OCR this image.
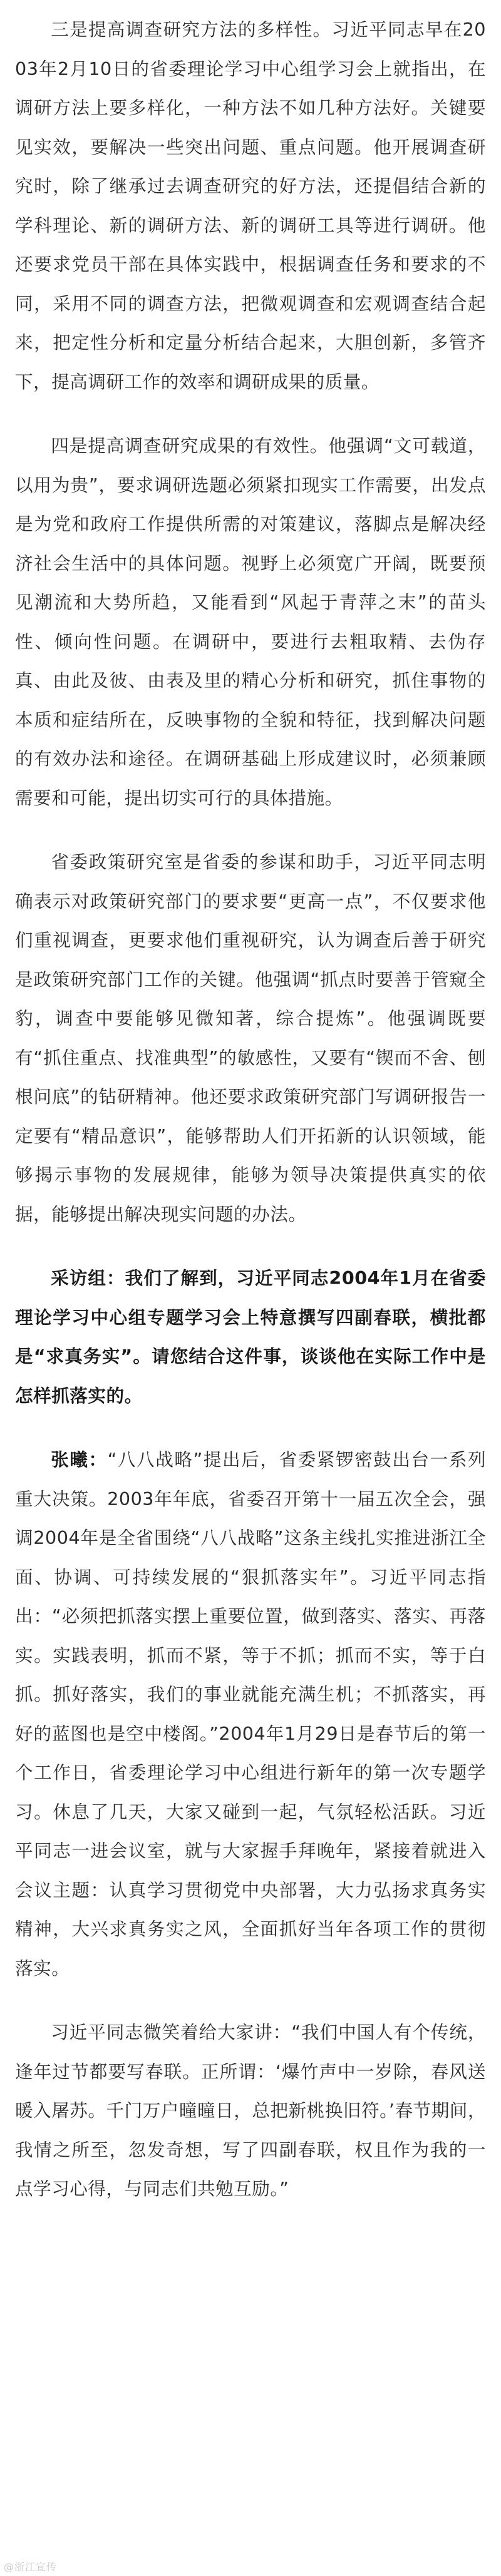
三是提高调查研究方法的多样性。习近平同志早在2003年2月10日的省委理论学习中心组学习会上就指出，在调研方法上要多样化，一种方法不如几种方法好。关键要见实效，要解决一些突出问题、重点问题。他开展调查研究时，除了继承过去调查研究的好方法，还提倡结合新的学科理论、新的调研方法、新的调研工具等进行调研。他还要求党员干部在具体实践中，根据调查任务和要求的不同，采用不同的调查方法，把微观调查和宏观调查结合起来，把定性分析和定量分析结合起来，大胆创新，多管齐下，提高调研工作的效率和调研成果的质量。

四是提高调查研究成果的有效性。他强调“文可载道，以用为贵”，要求调研选题必须紧扣现实工作需要，出发点是为党和政府工作提供所需的对策建议，落脚点是解决经济社会生活中的具体问题。视野上必须宽广开阔，既要预见潮流和大势所趋，又能看到“风起于青萍之末”的苗头性、倾向性问题。在调研中，要进行去粗取精、去伪存真、由此及彼、由表及里的精心分析和研究，抓住事物的本质和症结所在，反映事物的全貌和特征，找到解决问题的有效办法和途径。在调研基础上形成建议时，必须兼顾需要和可能，提出切实可行的具体措施。

省委政策研究室是省委的参谋和助手，习近平同志明确表示对政策研究部门的要求要“更高一点”，不仅要求他们重视调查，更要求他们重视研究，认为调查后善于研究是政策研究部门工作的关键。他强调“抓点时要善于管窥全豹，调查中要能够见微知著，综合提炼”。他强调既要有“抓住重点、找准典型”的敏感性，又要有“锲而不舍、刨根问底”的钻研精神。他还要求政策研究部门写调研报告一定要有“精品意识”，能够帮助人们开拓新的认识领域，能够揭示事物的发展规律，能够为领导决策提供真实的依据，能够提出解决现实问题的办法。

采访组：我们了解到，习近平同志2004年1月在省委理论学习中心组专题学习会上特意撰写四副春联，横批都是“求真务实”。请您结合这件事，谈谈他在实际工作中是怎样抓落实的。

张曦：“八八战略”提出后，省委紧锣密鼓出台一系列重大决策。2003年年底，省委召开第十一届五次全会，强调2004年是全省围绕“八八战略”这条主线扎实推进浙江全面、协调、可持续发展的“狠抓落实年”。习近平同志指出：“必须把抓落实摆上重要位置，做到落实、落实、再落实。实践表明，抓而不紧，等于不抓；抓而不实，等于白抓。抓好落实，我们的事业就能充满生机；不抓落实，再好的蓝图也是空中楼阁。”2004年1月29日是春节后的第一个工作日，省委理论学习中心组进行新年的第一次专题学习。休息了几天，大家又碰到一起，气氛轻松活跃。习近平同志一进会议室，就与大家握手拜晚年，紧接着就进入会议主题：认真学习贯彻党中央部署，大力弘扬求真务实精神，大兴求真务实之风，全面抓好当年各项工作的贯彻落实。

习近平同志微笑着给大家讲：“我们中国人有个传统，逢年过节都要写春联。正所谓：‘爆竹声中一岁除，春风送暖入屠苏。千门万户曈曈日，总把新桃换旧符。’春节期间，我情之所至，忽发奇想，写了四副春联，权且作为我的一点学习心得，与同志们共勉互励。”

@浙江宣传
